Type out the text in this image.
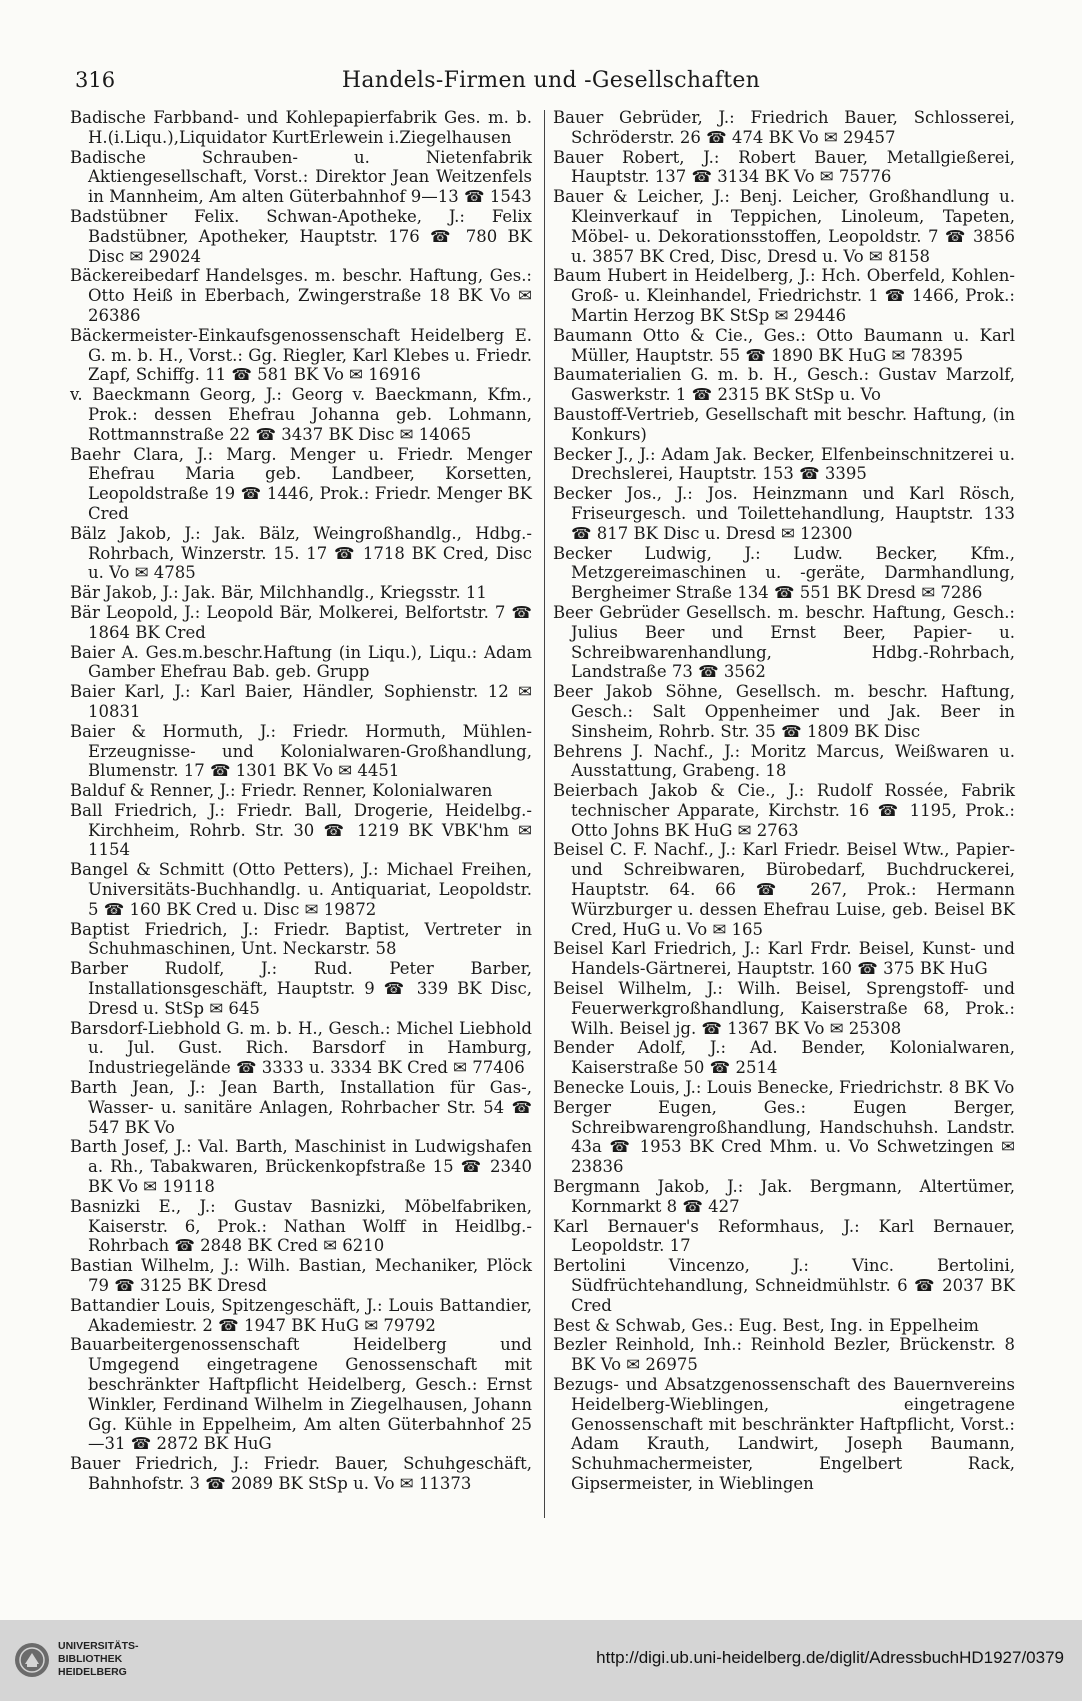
316	Handels-Firmen und -Gesellschaften

Badische Farbband- und Kohlepapierfabrik Ges. m. b. H.(i.Liqu.),Liquidator KurtErlewein i.Ziegelhausen

Badische Schrauben- u. Nietenfabrik Aktiengesellschaft, Vorst.: Direktor Jean Weitzenfels in Mannheim, Am alten Güterbahnhof 9—13 ☎ 1543

Badstübner Felix. Schwan-Apotheke, J.: Felix Badstübner, Apotheker, Hauptstr. 176 ☎ 780 BK Disc ✉ 29024

Bäckereibedarf Handelsges. m. beschr. Haftung, Ges.: Otto Heiß in Eberbach, Zwingerstraße 18 BK Vo ✉ 26386

Bäckermeister-Einkaufsgenossenschaft Heidelberg E. G. m. b. H., Vorst.: Gg. Riegler, Karl Klebes u. Friedr. Zapf, Schiffg. 11 ☎ 581 BK Vo ✉ 16916

v. Baeckmann Georg, J.: Georg v. Baeckmann, Kfm., Prok.: dessen Ehefrau Johanna geb. Lohmann, Rottmannstraße 22 ☎ 3437 BK Disc ✉ 14065

Baehr Clara, J.: Marg. Menger u. Friedr. Menger Ehefrau Maria geb. Landbeer, Korsetten, Leopoldstraße 19 ☎ 1446, Prok.: Friedr. Menger BK Cred

Bälz Jakob, J.: Jak. Bälz, Weingroßhandlg., Hdbg.-Rohrbach, Winzerstr. 15. 17 ☎ 1718 BK Cred, Disc u. Vo ✉ 4785

Bär Jakob, J.: Jak. Bär, Milchhandlg., Kriegsstr. 11

Bär Leopold, J.: Leopold Bär, Molkerei, Belfortstr. 7 ☎ 1864 BK Cred

Baier A. Ges.m.beschr.Haftung (in Liqu.), Liqu.: Adam Gamber Ehefrau Bab. geb. Grupp

Baier Karl, J.: Karl Baier, Händler, Sophienstr. 12 ✉ 10831

Baier & Hormuth, J.: Friedr. Hormuth, Mühlen-Erzeugnisse- und Kolonialwaren-Großhandlung, Blumenstr. 17 ☎ 1301 BK Vo ✉ 4451

Balduf & Renner, J.: Friedr. Renner, Kolonialwaren

Ball Friedrich, J.: Friedr. Ball, Drogerie, Heidelbg.-Kirchheim, Rohrb. Str. 30 ☎ 1219 BK VBK'hm ✉ 1154

Bangel & Schmitt (Otto Petters), J.: Michael Freihen, Universitäts-Buchhandlg. u. Antiquariat, Leopoldstr. 5 ☎ 160 BK Cred u. Disc ✉ 19872

Baptist Friedrich, J.: Friedr. Baptist, Vertreter in Schuhmaschinen, Unt. Neckarstr. 58

Barber Rudolf, J.: Rud. Peter Barber, Installationsgeschäft, Hauptstr. 9 ☎ 339 BK Disc, Dresd u. StSp ✉ 645

Barsdorf-Liebhold G. m. b. H., Gesch.: Michel Liebhold u. Jul. Gust. Rich. Barsdorf in Hamburg, Industriegelände ☎ 3333 u. 3334 BK Cred ✉ 77406

Barth Jean, J.: Jean Barth, Installation für Gas-, Wasser- u. sanitäre Anlagen, Rohrbacher Str. 54 ☎ 547 BK Vo

Barth Josef, J.: Val. Barth, Maschinist in Ludwigshafen a. Rh., Tabakwaren, Brückenkopfstraße 15 ☎ 2340 BK Vo ✉ 19118

Basnizki E., J.: Gustav Basnizki, Möbelfabriken, Kaiserstr. 6, Prok.: Nathan Wolff in Heidlbg.-Rohrbach ☎ 2848 BK Cred ✉ 6210

Bastian Wilhelm, J.: Wilh. Bastian, Mechaniker, Plöck 79 ☎ 3125 BK Dresd

Battandier Louis, Spitzengeschäft, J.: Louis Battandier, Akademiestr. 2 ☎ 1947 BK HuG ✉ 79792

Bauarbeitergenossenschaft Heidelberg und Umgegend eingetragene Genossenschaft mit beschränkter Haftpflicht Heidelberg, Gesch.: Ernst Winkler, Ferdinand Wilhelm in Ziegelhausen, Johann Gg. Kühle in Eppelheim, Am alten Güterbahnhof 25—31 ☎ 2872 BK HuG

Bauer Friedrich, J.: Friedr. Bauer, Schuhgeschäft, Bahnhofstr. 3 ☎ 2089 BK StSp u. Vo ✉ 11373

Bauer Gebrüder, J.: Friedrich Bauer, Schlosserei, Schröderstr. 26 ☎ 474 BK Vo ✉ 29457

Bauer Robert, J.: Robert Bauer, Metallgießerei, Hauptstr. 137 ☎ 3134 BK Vo ✉ 75776

Bauer & Leicher, J.: Benj. Leicher, Großhandlung u. Kleinverkauf in Teppichen, Linoleum, Tapeten, Möbel- u. Dekorationsstoffen, Leopoldstr. 7 ☎ 3856 u. 3857 BK Cred, Disc, Dresd u. Vo ✉ 8158

Baum Hubert in Heidelberg, J.: Hch. Oberfeld, Kohlen-Groß- u. Kleinhandel, Friedrichstr. 1 ☎ 1466, Prok.: Martin Herzog BK StSp ✉ 29446

Baumann Otto & Cie., Ges.: Otto Baumann u. Karl Müller, Hauptstr. 55 ☎ 1890 BK HuG ✉ 78395

Baumaterialien G. m. b. H., Gesch.: Gustav Marzolf, Gaswerkstr. 1 ☎ 2315 BK StSp u. Vo

Baustoff-Vertrieb, Gesellschaft mit beschr. Haftung, (in Konkurs)

Becker J., J.: Adam Jak. Becker, Elfenbeinschnitzerei u. Drechslerei, Hauptstr. 153 ☎ 3395

Becker Jos., J.: Jos. Heinzmann und Karl Rösch, Friseurgesch. und Toilettehandlung, Hauptstr. 133 ☎ 817 BK Disc u. Dresd ✉ 12300

Becker Ludwig, J.: Ludw. Becker, Kfm., Metzgereimaschinen u. -geräte, Darmhandlung, Bergheimer Straße 134 ☎ 551 BK Dresd ✉ 7286

Beer Gebrüder Gesellsch. m. beschr. Haftung, Gesch.: Julius Beer und Ernst Beer, Papier- u. Schreibwarenhandlung, Hdbg.-Rohrbach, Landstraße 73 ☎ 3562

Beer Jakob Söhne, Gesellsch. m. beschr. Haftung, Gesch.: Salt Oppenheimer und Jak. Beer in Sinsheim, Rohrb. Str. 35 ☎ 1809 BK Disc

Behrens J. Nachf., J.: Moritz Marcus, Weißwaren u. Ausstattung, Grabeng. 18

Beierbach Jakob & Cie., J.: Rudolf Rossée, Fabrik technischer Apparate, Kirchstr. 16 ☎ 1195, Prok.: Otto Johns BK HuG ✉ 2763

Beisel C. F. Nachf., J.: Karl Friedr. Beisel Wtw., Papier- und Schreibwaren, Bürobedarf, Buchdruckerei, Hauptstr. 64. 66 ☎ 267, Prok.: Hermann Würzburger u. dessen Ehefrau Luise, geb. Beisel BK Cred, HuG u. Vo ✉ 165

Beisel Karl Friedrich, J.: Karl Frdr. Beisel, Kunst- und Handels-Gärtnerei, Hauptstr. 160 ☎ 375 BK HuG

Beisel Wilhelm, J.: Wilh. Beisel, Sprengstoff- und Feuerwerkgroßhandlung, Kaiserstraße 68, Prok.: Wilh. Beisel jg. ☎ 1367 BK Vo ✉ 25308

Bender Adolf, J.: Ad. Bender, Kolonialwaren, Kaiserstraße 50 ☎ 2514

Benecke Louis, J.: Louis Benecke, Friedrichstr. 8 BK Vo

Berger Eugen, Ges.: Eugen Berger, Schreibwarengroßhandlung, Handschuhsh. Landstr. 43a ☎ 1953 BK Cred Mhm. u. Vo Schwetzingen ✉ 23836

Bergmann Jakob, J.: Jak. Bergmann, Altertümer, Kornmarkt 8 ☎ 427

Karl Bernauer's Reformhaus, J.: Karl Bernauer, Leopoldstr. 17

Bertolini Vincenzo, J.: Vinc. Bertolini, Südfrüchtehandlung, Schneidmühlstr. 6 ☎ 2037 BK Cred

Best & Schwab, Ges.: Eug. Best, Ing. in Eppelheim

Bezler Reinhold, Inh.: Reinhold Bezler, Brückenstr. 8 BK Vo ✉ 26975

Bezugs- und Absatzgenossenschaft des Bauernvereins Heidelberg-Wieblingen, eingetragene Genossenschaft mit beschränkter Haftpflicht, Vorst.: Adam Krauth, Landwirt, Joseph Baumann, Schuhmachermeister, Engelbert Rack, Gipsermeister, in Wieblingen

UNIVERSITÄTS-
BIBLIOTHEK
HEIDELBERG
http://digi.ub.uni-heidelberg.de/diglit/AdressbuchHD1927/0379
